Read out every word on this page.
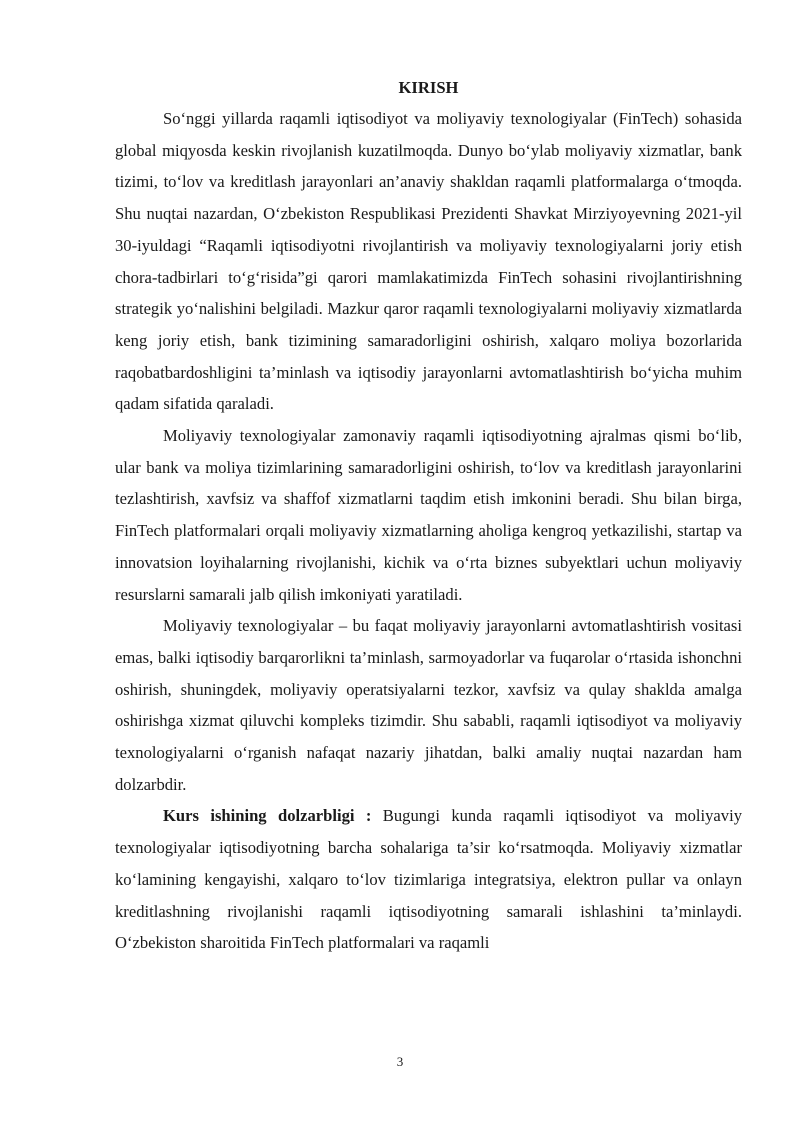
KIRISH

So‘nggi yillarda raqamli iqtisodiyot va moliyaviy texnologiyalar (FinTech) sohasida global miqyosda keskin rivojlanish kuzatilmoqda. Dunyo bo‘ylab moliyaviy xizmatlar, bank tizimi, to‘lov va kreditlash jarayonlari an’anaviy shakldan raqamli platformalarga o‘tmoqda. Shu nuqtai nazardan, O‘zbekiston Respublikasi Prezidenti Shavkat Mirziyoyevning 2021-yil 30-iyuldagi “Raqamli iqtisodiyotni rivojlantirish va moliyaviy texnologiyalarni joriy etish chora-tadbirlari to‘g‘risida”gi qarori mamlakatimizda FinTech sohasini rivojlantirishning strategik yo‘nalishini belgiladi. Mazkur qaror raqamli texnologiyalarni moliyaviy xizmatlarda keng joriy etish, bank tizimining samaradorligini oshirish, xalqaro moliya bozorlarida raqobatbardoshligini ta’minlash va iqtisodiy jarayonlarni avtomatlashtirish bo‘yicha muhim qadam sifatida qaraladi.

Moliyaviy texnologiyalar zamonaviy raqamli iqtisodiyotning ajralmas qismi bo‘lib, ular bank va moliya tizimlarining samaradorligini oshirish, to‘lov va kreditlash jarayonlarini tezlashtirish, xavfsiz va shaffof xizmatlarni taqdim etish imkonini beradi. Shu bilan birga, FinTech platformalari orqali moliyaviy xizmatlarning aholiga kengroq yetkazilishi, startap va innovatsion loyihalarning rivojlanishi, kichik va o‘rta biznes subyektlari uchun moliyaviy resurslarni samarali jalb qilish imkoniyati yaratiladi.

Moliyaviy texnologiyalar – bu faqat moliyaviy jarayonlarni avtomatlashtirish vositasi emas, balki iqtisodiy barqarorlikni ta’minlash, sarmoyadorlar va fuqarolar o‘rtasida ishonchni oshirish, shuningdek, moliyaviy operatsiyalarni tezkor, xavfsiz va qulay shaklda amalga oshirishga xizmat qiluvchi kompleks tizimdir. Shu sababli, raqamli iqtisodiyot va moliyaviy texnologiyalarni o‘rganish nafaqat nazariy jihatdan, balki amaliy nuqtai nazardan ham dolzarbdir.

Kurs ishining dolzarbligi : Bugungi kunda raqamli iqtisodiyot va moliyaviy texnologiyalar iqtisodiyotning barcha sohalariga ta’sir ko‘rsatmoqda. Moliyaviy xizmatlar ko‘lamining kengayishi, xalqaro to‘lov tizimlariga integratsiya, elektron pullar va onlayn kreditlashning rivojlanishi raqamli iqtisodiyotning samarali ishlashini ta’minlaydi. O‘zbekiston sharoitida FinTech platformalari va raqamli

3
